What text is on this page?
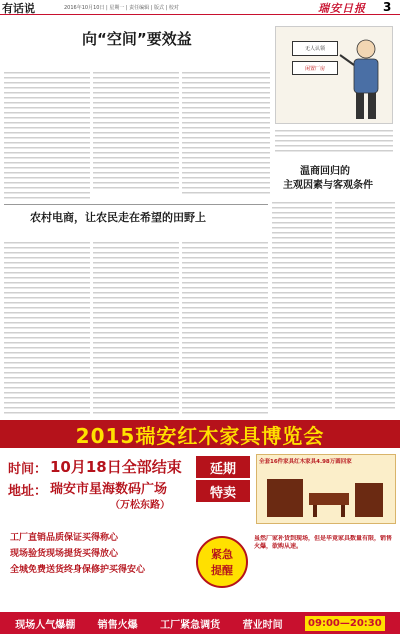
有话说	2016年10月10日 | 星期一 | 责任编辑 | 版式 | 校对	瑞安日报 3
向“空间”要效益
无人认领
闲置厂房
温商回归的
主观因素与客观条件
农村电商，让农民走在希望的田野上
2015瑞安红木家具博览会
时间： 10月18日全部结束
地址： 瑞安市星海数码广场
（万松东路）
延期
特卖
全套16件家具红木家具4.98万圆回家
工厂直销品质保证买得称心
现场验货现场提货买得放心
全城免费送货终身保修护买得安心
紧急
提醒
虽然厂家补货到现场，但是毕竟家具数量有限，销售火爆，欲购从速。
现场人气爆棚 销售火爆 工厂紧急调货 营业时间	09:00—20:30
